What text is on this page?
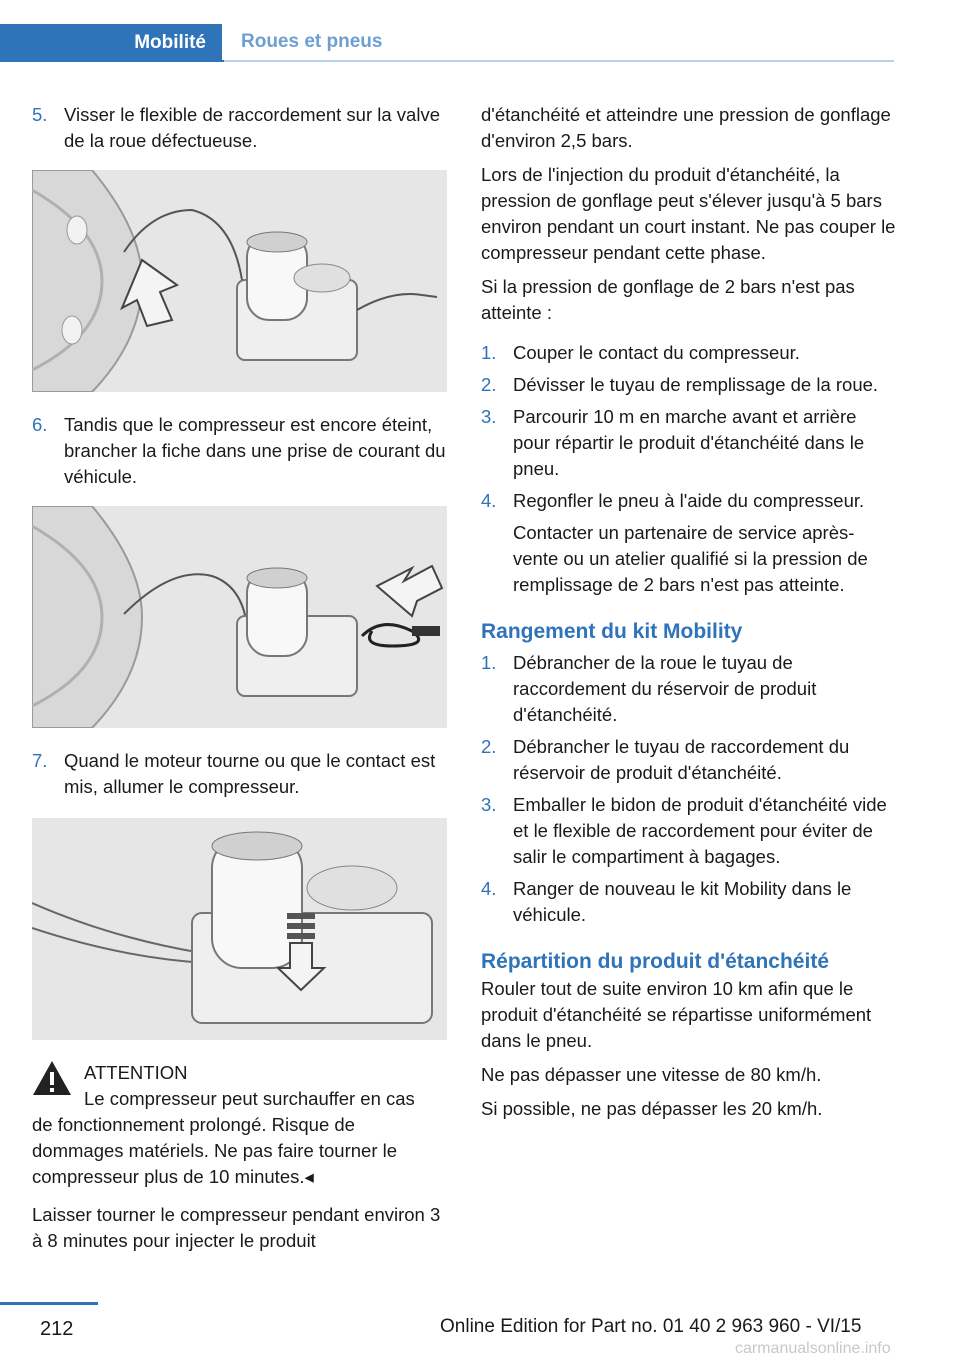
Mobilité	Roues et pneus
5. Visser le flexible de raccordement sur la valve de la roue défectueuse.
6. Tandis que le compresseur est encore éteint, brancher la fiche dans une prise de courant du véhicule.
7. Quand le moteur tourne ou que le contact est mis, allumer le compresseur.

ATTENTION

Le compresseur peut surchauffer en cas

de fonctionnement prolongé. Risque de dommages matériels. Ne pas faire tourner le compresseur plus de 10 minutes.◂

Laisser tourner le compresseur pendant environ 3 à 8 minutes pour injecter le produit

d'étanchéité et atteindre une pression de gonflage d'environ 2,5 bars.

Lors de l'injection du produit d'étanchéité, la pression de gonflage peut s'élever jusqu'à 5 bars environ pendant un court instant. Ne pas couper le compresseur pendant cette phase.

Si la pression de gonflage de 2 bars n'est pas atteinte :

1. Couper le contact du compresseur.
2. Dévisser le tuyau de remplissage de la roue.
3. Parcourir 10 m en marche avant et arrière pour répartir le produit d'étanchéité dans le pneu.
4. Regonfler le pneu à l'aide du compresseur.

Contacter un partenaire de service après-vente ou un atelier qualifié si la pression de remplissage de 2 bars n'est pas atteinte.

Rangement du kit Mobility
1. Débrancher de la roue le tuyau de raccordement du réservoir de produit d'étanchéité.
2. Débrancher le tuyau de raccordement du réservoir de produit d'étanchéité.
3. Emballer le bidon de produit d'étanchéité vide et le flexible de raccordement pour éviter de salir le compartiment à bagages.
4. Ranger de nouveau le kit Mobility dans le véhicule.
Répartition du produit d'étanchéité

Rouler tout de suite environ 10 km afin que le produit d'étanchéité se répartisse uniformément dans le pneu.

Ne pas dépasser une vitesse de 80 km/h.

Si possible, ne pas dépasser les 20 km/h.

212	Online Edition for Part no. 01 40 2 963 960 - VI/15
carmanualsonline.info
